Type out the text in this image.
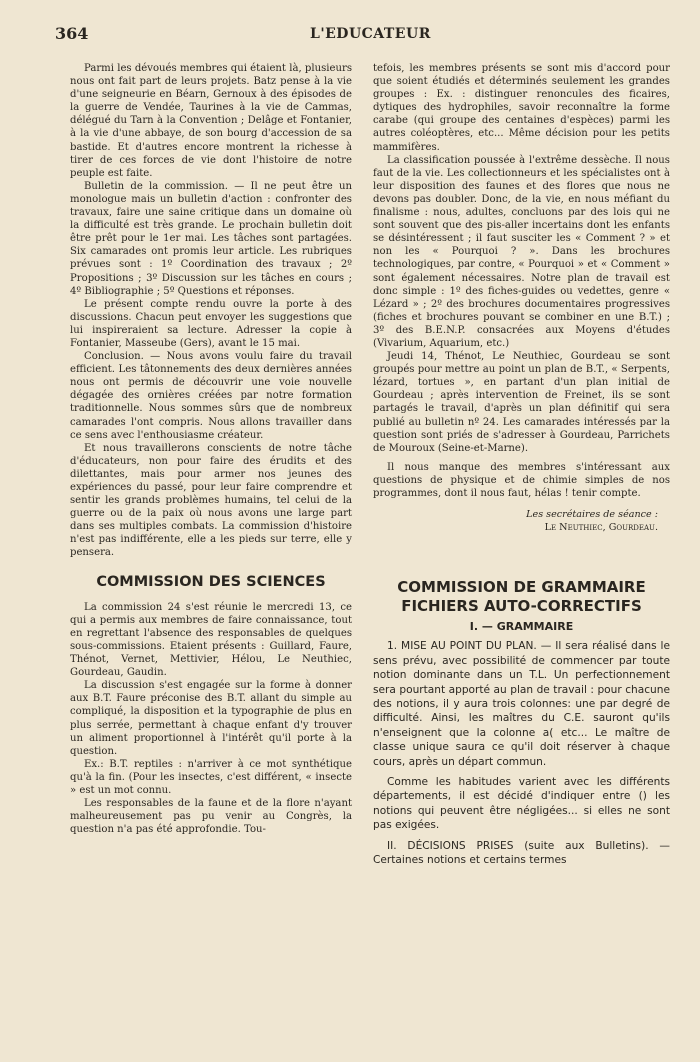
364	L'EDUCATEUR

Parmi les dévoués membres qui étaient là, plusieurs nous ont fait part de leurs projets. Batz pense à la vie d'une seigneurie en Béarn, Gernoux à des épisodes de la guerre de Vendée, Taurines à la vie de Cammas, délégué du Tarn à la Convention ; Delâge et Fontanier, à la vie d'une abbaye, de son bourg d'accession de sa bastide. Et d'autres encore montrent la richesse à tirer de ces forces de vie dont l'histoire de notre peuple est faite.

Bulletin de la commission. — Il ne peut être un monologue mais un bulletin d'action : confronter des travaux, faire une saine critique dans un domaine où la difficulté est très grande. Le prochain bulletin doit être prêt pour le 1er mai. Les tâches sont partagées. Six camarades ont promis leur article. Les rubriques prévues sont : 1º Coordination des travaux ; 2º Propositions ; 3º Discussion sur les tâches en cours ; 4º Bibliographie ; 5º Questions et réponses.

Le présent compte rendu ouvre la porte à des discussions. Chacun peut envoyer les suggestions que lui inspireraient sa lecture. Adresser la copie à Fontanier, Masseube (Gers), avant le 15 mai.

Conclusion. — Nous avons voulu faire du travail efficient. Les tâtonnements des deux dernières années nous ont permis de découvrir une voie nouvelle dégagée des ornières créées par notre formation traditionnelle. Nous sommes sûrs que de nombreux camarades l'ont compris. Nous allons travailler dans ce sens avec l'enthousiasme créateur.

Et nous travaillerons conscients de notre tâche d'éducateurs, non pour faire des érudits et des dilettantes, mais pour armer nos jeunes des expériences du passé, pour leur faire comprendre et sentir les grands problèmes humains, tel celui de la guerre ou de la paix où nous avons une large part dans ses multiples combats. La commission d'histoire n'est pas indifférente, elle a les pieds sur terre, elle y pensera.

COMMISSION DES SCIENCES

La commission 24 s'est réunie le mercredi 13, ce qui a permis aux membres de faire connaissance, tout en regrettant l'absence des responsables de quelques sous-commissions. Etaient présents : Guillard, Faure, Thénot, Vernet, Mettivier, Hélou, Le Neuthiec, Gourdeau, Gaudin.

La discussion s'est engagée sur la forme à donner aux B.T. Faure préconise des B.T. allant du simple au compliqué, la disposition et la typographie de plus en plus serrée, permettant à chaque enfant d'y trouver un aliment proportionnel à l'intérêt qu'il porte à la question.

Ex.: B.T. reptiles : n'arriver à ce mot synthétique qu'à la fin. (Pour les insectes, c'est différent, « insecte » est un mot connu.

Les responsables de la faune et de la flore n'ayant malheureusement pas pu venir au Congrès, la question n'a pas été approfondie. Tou-

tefois, les membres présents se sont mis d'accord pour que soient étudiés et déterminés seulement les grandes groupes : Ex. : distinguer renoncules des ficaires, dytiques des hydrophiles, savoir reconnaître la forme carabe (qui groupe des centaines d'espèces) parmi les autres coléoptères, etc... Même décision pour les petits mammifères.

La classification poussée à l'extrême dessèche. Il nous faut de la vie. Les collectionneurs et les spécialistes ont à leur disposition des faunes et des flores que nous ne devons pas doubler. Donc, de la vie, en nous méfiant du finalisme : nous, adultes, concluons par des lois qui ne sont souvent que des pis-aller incertains dont les enfants se désintéressent ; il faut susciter les « Comment ? » et non les « Pourquoi ? ». Dans les brochures technologiques, par contre, « Pourquoi » et « Comment » sont également nécessaires. Notre plan de travail est donc simple : 1º des fiches-guides ou vedettes, genre « Lézard » ; 2º des brochures documentaires progressives (fiches et brochures pouvant se combiner en une B.T.) ; 3º des B.E.N.P. consacrées aux Moyens d'études (Vivarium, Aquarium, etc.)

Jeudi 14, Thénot, Le Neuthiec, Gourdeau se sont groupés pour mettre au point un plan de B.T., « Serpents, lézard, tortues », en partant d'un plan initial de Gourdeau ; après intervention de Freinet, ils se sont partagés le travail, d'après un plan définitif qui sera publié au bulletin nº 24. Les camarades intéressés par la question sont priés de s'adresser à Gourdeau, Parrichets de Mouroux (Seine-et-Marne).

Il nous manque des membres s'intéressant aux questions de physique et de chimie simples de nos programmes, dont il nous faut, hélas ! tenir compte.

Les secrétaires de séance :
Le Neuthiec, Gourdeau.
COMMISSION DE GRAMMAIRE
FICHIERS AUTO-CORRECTIFS
I. — GRAMMAIRE

1. MISE AU POINT DU PLAN. — Il sera réalisé dans le sens prévu, avec possibilité de commencer par toute notion dominante dans un T.L. Un perfectionnement sera pourtant apporté au plan de travail : pour chacune des notions, il y aura trois colonnes: une par degré de difficulté. Ainsi, les maîtres du C.E. sauront qu'ils n'enseignent que la colonne a( etc... Le maître de classe unique saura ce qu'il doit réserver à chaque cours, après un départ commun.

Comme les habitudes varient avec les différents départements, il est décidé d'indiquer entre () les notions qui peuvent être négligées... si elles ne sont pas exigées.

II. DÉCISIONS PRISES (suite aux Bulletins). — Certaines notions et certains termes
